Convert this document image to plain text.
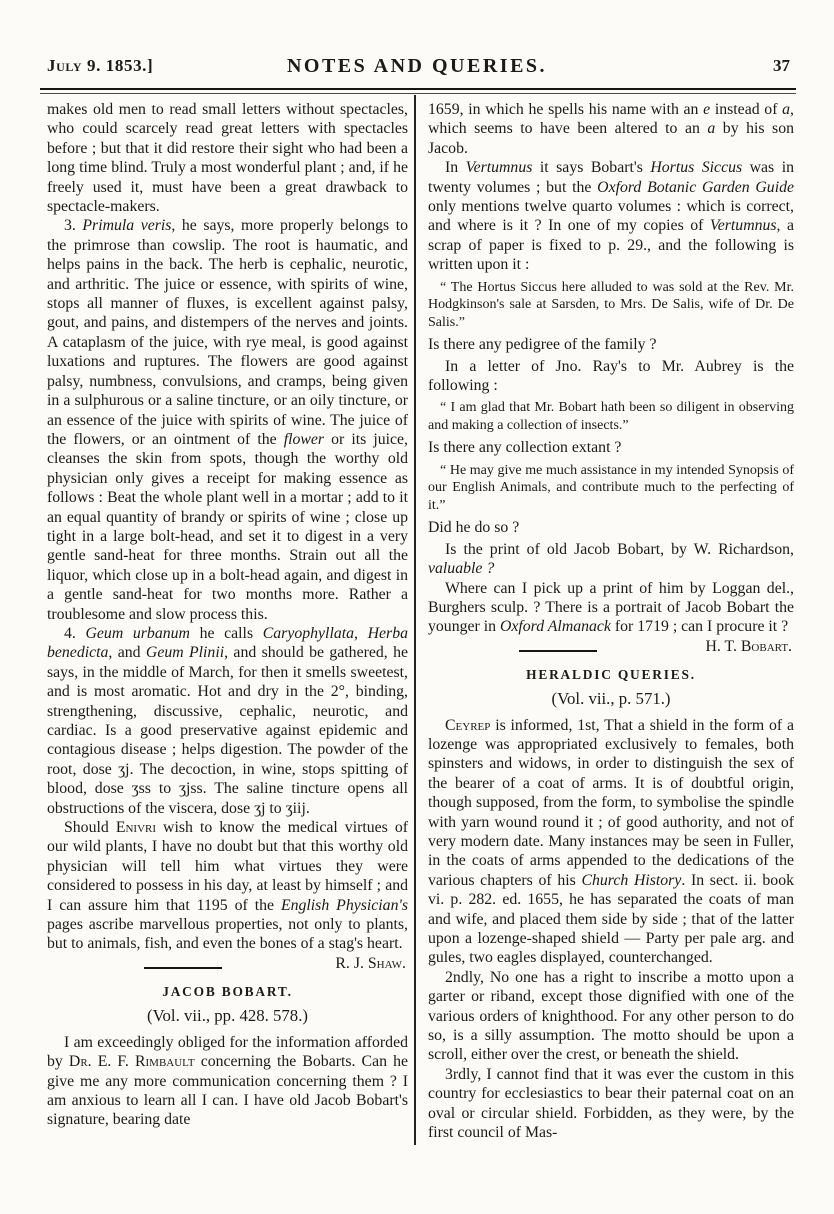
July 9. 1853.]	NOTES AND QUERIES.	37

makes old men to read small letters without spectacles, who could scarcely read great letters with spectacles before ; but that it did restore their sight who had been a long time blind. Truly a most wonderful plant ; and, if he freely used it, must have been a great drawback to spectacle-makers.

3. Primula veris, he says, more properly belongs to the primrose than cowslip. The root is haumatic, and helps pains in the back. The herb is cephalic, neurotic, and arthritic. The juice or essence, with spirits of wine, stops all manner of fluxes, is excellent against palsy, gout, and pains, and distempers of the nerves and joints. A cataplasm of the juice, with rye meal, is good against luxations and ruptures. The flowers are good against palsy, numbness, convulsions, and cramps, being given in a sulphurous or a saline tincture, or an oily tincture, or an essence of the juice with spirits of wine. The juice of the flowers, or an ointment of the flower or its juice, cleanses the skin from spots, though the worthy old physician only gives a receipt for making essence as follows : Beat the whole plant well in a mortar ; add to it an equal quantity of brandy or spirits of wine ; close up tight in a large bolt-head, and set it to digest in a very gentle sand-heat for three months. Strain out all the liquor, which close up in a bolt-head again, and digest in a gentle sand-heat for two months more. Rather a troublesome and slow process this.

4. Geum urbanum he calls Caryophyllata, Herba benedicta, and Geum Plinii, and should be gathered, he says, in the middle of March, for then it smells sweetest, and is most aromatic. Hot and dry in the 2°, binding, strengthening, discussive, cephalic, neurotic, and cardiac. Is a good preservative against epidemic and contagious disease ; helps digestion. The powder of the root, dose ʒj. The decoction, in wine, stops spitting of blood, dose ʒss to ʒjss. The saline tincture opens all obstructions of the viscera, dose ʒj to ʒiij.

Should Enivri wish to know the medical virtues of our wild plants, I have no doubt but that this worthy old physician will tell him what virtues they were considered to possess in his day, at least by himself ; and I can assure him that 1195 of the English Physician's pages ascribe marvellous properties, not only to plants, but to animals, fish, and even the bones of a stag's heart.
R. J. Shaw.

JACOB BOBART.

(Vol. vii., pp. 428. 578.)

I am exceedingly obliged for the information afforded by Dr. E. F. Rimbault concerning the Bobarts. Can he give me any more communication concerning them ? I am anxious to learn all I can. I have old Jacob Bobart's signature, bearing date

1659, in which he spells his name with an e instead of a, which seems to have been altered to an a by his son Jacob.

In Vertumnus it says Bobart's Hortus Siccus was in twenty volumes ; but the Oxford Botanic Garden Guide only mentions twelve quarto volumes : which is correct, and where is it ? In one of my copies of Vertumnus, a scrap of paper is fixed to p. 29., and the following is written upon it :

“ The Hortus Siccus here alluded to was sold at the Rev. Mr. Hodgkinson's sale at Sarsden, to Mrs. De Salis, wife of Dr. De Salis.”

Is there any pedigree of the family ?

In a letter of Jno. Ray's to Mr. Aubrey is the following :

“ I am glad that Mr. Bobart hath been so diligent in observing and making a collection of insects.”

Is there any collection extant ?

“ He may give me much assistance in my intended Synopsis of our English Animals, and contribute much to the perfecting of it.”

Did he do so ?

Is the print of old Jacob Bobart, by W. Richardson, valuable ?

Where can I pick up a print of him by Loggan del., Burghers sculp. ? There is a portrait of Jacob Bobart the younger in Oxford Almanack for 1719 ; can I procure it ?
H. T. Bobart.

HERALDIC QUERIES.

(Vol. vii., p. 571.)

Ceyrep is informed, 1st, That a shield in the form of a lozenge was appropriated exclusively to females, both spinsters and widows, in order to distinguish the sex of the bearer of a coat of arms. It is of doubtful origin, though supposed, from the form, to symbolise the spindle with yarn wound round it ; of good authority, and not of very modern date. Many instances may be seen in Fuller, in the coats of arms appended to the dedications of the various chapters of his Church History. In sect. ii. book vi. p. 282. ed. 1655, he has separated the coats of man and wife, and placed them side by side ; that of the latter upon a lozenge-shaped shield — Party per pale arg. and gules, two eagles displayed, counterchanged.

2ndly, No one has a right to inscribe a motto upon a garter or riband, except those dignified with one of the various orders of knighthood. For any other person to do so, is a silly assumption. The motto should be upon a scroll, either over the crest, or beneath the shield.

3rdly, I cannot find that it was ever the custom in this country for ecclesiastics to bear their paternal coat on an oval or circular shield. Forbidden, as they were, by the first council of Mas-
